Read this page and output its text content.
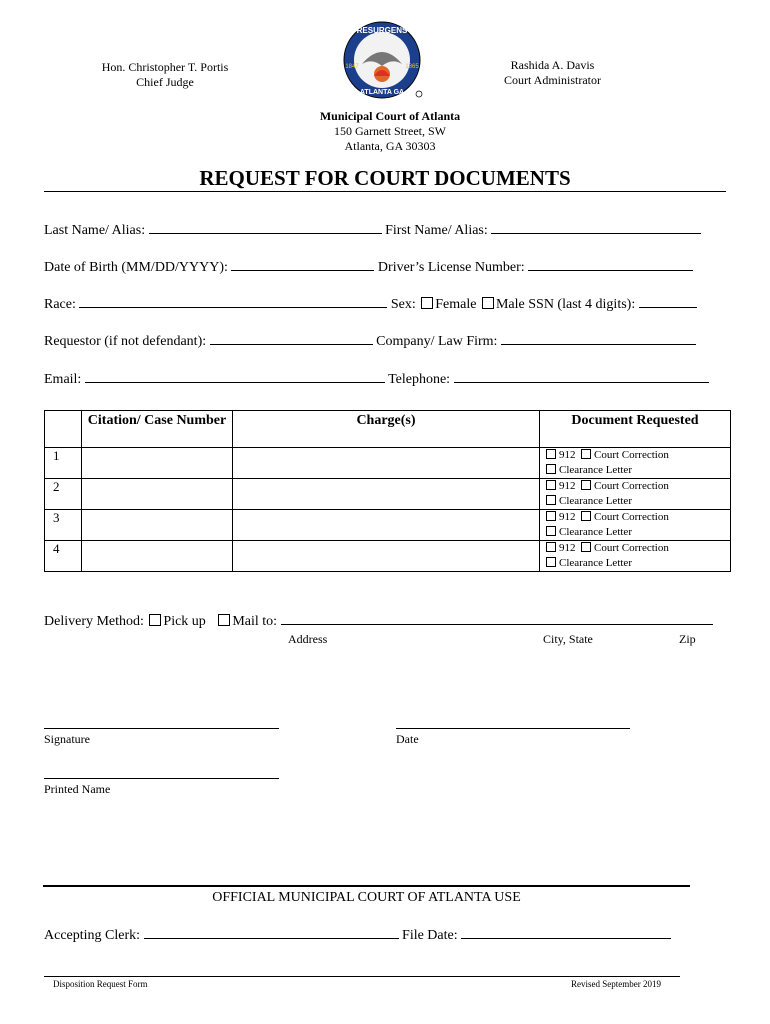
Hon. Christopher T. Portis
Chief Judge
RESURGENS
ATLANTA GA
1847	1865	Rashida A. Davis
Court Administrator
Municipal Court of Atlanta
150 Garnett Street, SW
Atlanta, GA 30303
REQUEST FOR COURT DOCUMENTS
Last Name/ Alias:	First Name/ Alias:
Date of Birth (MM/DD/YYYY):	Driver’s License Number:
Race:	Sex: Female Male SSN (last 4 digits):
Requestor (if not defendant):	Company/ Law Firm:
Email:	Telephone:
	Citation/ Case Number	Charge(s)	Document Requested
1			912 Court Correction
Clearance Letter
2			912 Court Correction
Clearance Letter
3			912 Court Correction
Clearance Letter
4			912 Court Correction
Clearance Letter
Delivery Method: Pick up Mail to:
Address	City, State	Zip
Signature	Date
Printed Name
OFFICIAL MUNICIPAL COURT OF ATLANTA USE
Accepting Clerk:	File Date:
Disposition Request Form	Revised September 2019
